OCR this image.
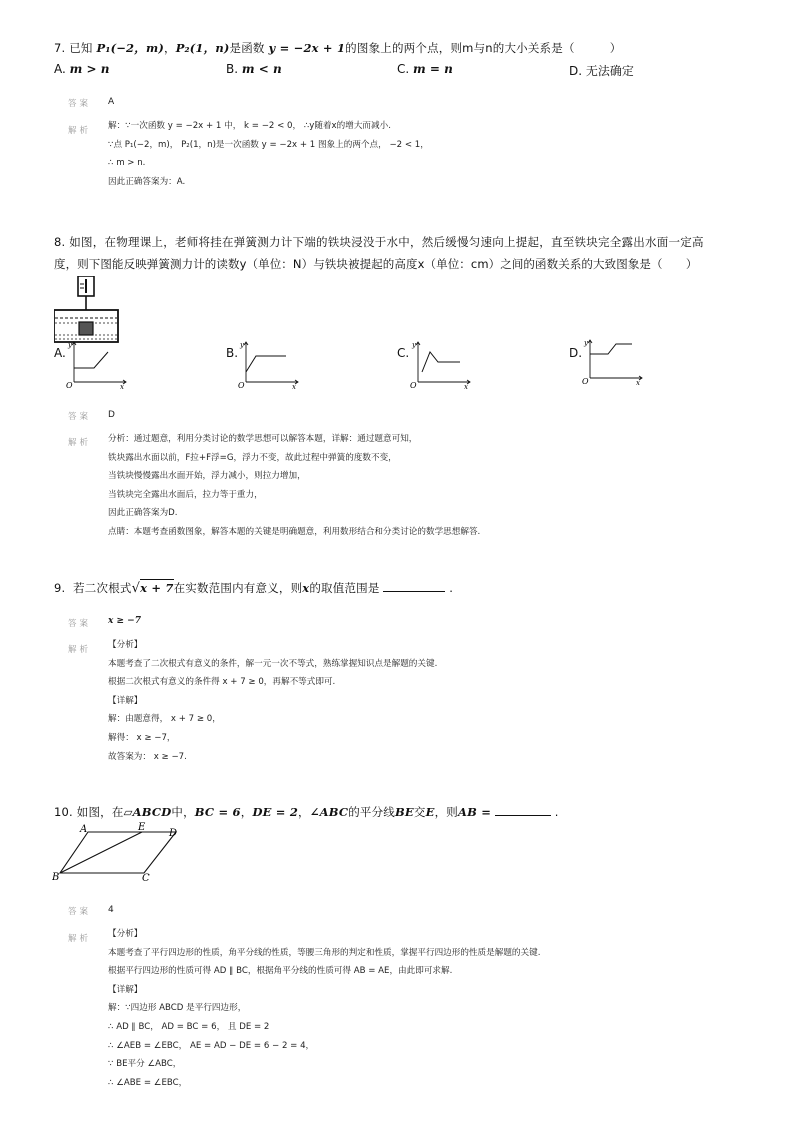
7. 已知 P₁(−2，m)，P₂(1，n)是函数 y = −2x + 1的图象上的两个点，则m与n的大小关系是（　　　）
A. m > n	B. m < n	C. m = n	D. 无法确定
答案 A
解析 解：∵一次函数 y = −2x + 1 中， k = −2 < 0， ∴y随着x的增大而减小.
∵点 P₁(−2，m)， P₂(1，n)是一次函数 y = −2x + 1 图象上的两个点， −2 < 1，
∴ m > n.
因此正确答案为：A.
8. 如图，在物理课上，老师将挂在弹簧测力计下端的铁块浸没于水中，然后缓慢匀速向上提起，直至铁块完全露出水面一定高
度，则下图能反映弹簧测力计的读数y（单位：N）与铁块被提起的高度x（单位：cm）之间的函数关系的大致图象是（　　）
A.
O
y
x
B.
O
y
x
C.
O
y
x
D.
O
y
x
答案 D
解析 分析：通过题意，利用分类讨论的数学思想可以解答本题，详解：通过题意可知，
铁块露出水面以前，F拉+F浮=G，浮力不变，故此过程中弹簧的度数不变，
当铁块慢慢露出水面开始，浮力减小，则拉力增加，
当铁块完全露出水面后，拉力等于重力，
因此正确答案为D.
点睛：本题考查函数图象，解答本题的关键是明确题意，利用数形结合和分类讨论的数学思想解答.
9. 若二次根式√x + 7在实数范围内有意义，则x的取值范围是	.
答案 x ≥ −7
解析 【分析】
本题考查了二次根式有意义的条件，解一元一次不等式，熟练掌握知识点是解题的关键.
根据二次根式有意义的条件得 x + 7 ≥ 0，再解不等式即可.
【详解】
解：由题意得， x + 7 ≥ 0，
解得： x ≥ −7，
故答案为： x ≥ −7.
10. 如图，在▱ABCD中，BC = 6，DE = 2，∠ABC的平分线BE交E，则AB =	.
A	E
D
B	C
答案 4
解析 【分析】
本题考查了平行四边形的性质，角平分线的性质，等腰三角形的判定和性质，掌握平行四边形的性质是解题的关键.
根据平行四边形的性质可得 AD ∥ BC，根据角平分线的性质可得 AB = AE，由此即可求解.
【详解】
解：∵四边形 ABCD 是平行四边形，
∴ AD ∥ BC， AD = BC = 6， 且 DE = 2
∴ ∠AEB = ∠EBC， AE = AD − DE = 6 − 2 = 4，
∵ BE平分 ∠ABC，
∴ ∠ABE = ∠EBC，
